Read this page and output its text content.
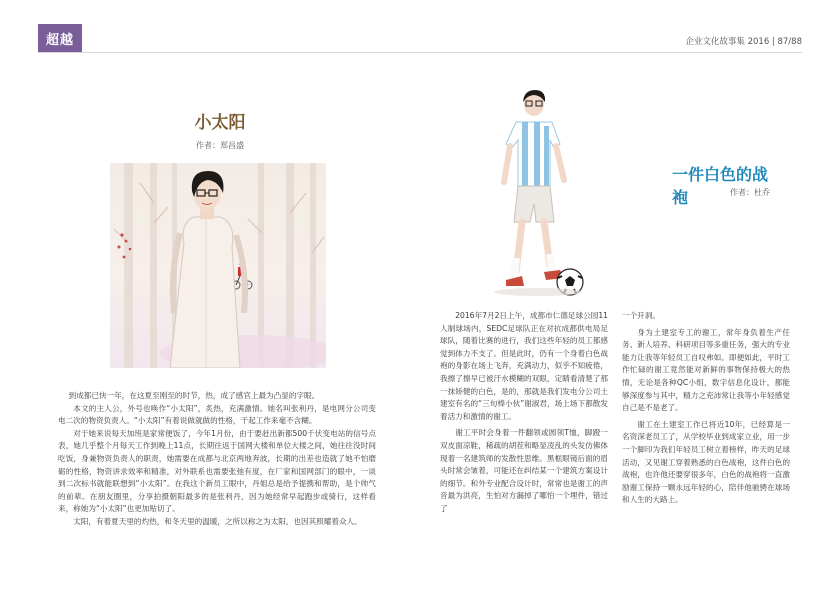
超越	企业文化故事集 2016 | 87/88
小太阳
作者：郑昌盛

到成都已快一年，在这夏至刚至的时节，热，成了感官上最为凸显的字眼。

本文的主人公，外号也唤作“小太阳”，炙热，充满激情。她名叫张利丹，是电网分公司变电二次的物资负责人。“小太阳”有着说做就做的性格，干起工作来毫不含糊。

对于她来说每天加班是家常便饭了，今年1月份，由于要赶出新都500千伏变电站的信号点表，她几乎整个月每天工作到晚上11点，长期往返于国网大楼和单位大楼之间，她往往没时间吃饭，身兼物资负责人的职责，她需要在成都与北京两地奔波，长期的出差也造就了她不怕磨砺的性格，物资讲求效率和精准，对外联系也需要张弛有度，在厂家和国网部门的眼中，一谈到二次标书就能联想到“小太阳”。在我这个新员工眼中，丹姐总是给予提携和帮助，是个帅气的前辈。在朋友圈里，分享拍摄朝阳最多的是张利丹，因为她经常早起跑步或骑行，这样看来，称她为“小太阳”也更加贴切了。

太阳，有着夏天里的灼热，和冬天里的温暖，之所以称之为太阳，也因其照耀着众人。

一件白色的战袍	作者：杜乔

2016年7月2日上午，成都市仁德足球公园11人制球场内，SEDC足球队正在对抗成都供电局足球队，随着比赛的进行，我们这些年轻的员工都感觉到体力不支了。但是此时，仍有一个身着白色战袍的身影在场上飞奔，充满动力，似乎不知疲倦，我擦了擦早已被汗水模糊的双眼，定睛看清楚了那一抹矫健的白色，是的，那就是我们发电分公司土建室有名的“三旬棒小伙”谢淑君，场上场下都散发着活力和激情的谢工。

谢工平时会身着一件翻领或圆领T恤，脚蹬一双皮面凉鞋，稀疏的胡茬和略显凌乱的头发仿佛体现着一名建筑师的发散性思维。黑框眼镜后面的眉头时常会皱着，可能还在纠结某一个建筑方案设计的细节。和外专业配合设计时，常常也是谢工的声音最为洪亮，生怕对方漏掉了哪怕一个埋件，错过了

一个开洞。

身为土建室专工的谢工，常年身负着生产任务、新人培养、科研项目等多重任务，强大的专业能力让我等年轻员工自叹弗如。即便如此，平时工作忙碌的谢工竟然能对新鲜的事物保持极大的热情，无论是各种QC小组，数字信息化设计，都能够深度参与其中，精力之充沛常让我等小年轻感觉自己是不是老了。

谢工在土建室工作已将近10年，已经算是一名资深老员工了，从学校毕业到成家立业，用一步一个脚印为我们年轻员工树立着榜样，昨天的足球活动，又见谢工穿着熟悉的白色战袍，这件白色的战袍，也许他还要穿很多年，白色的战袍将一直激励谢工保持一颗永远年轻的心，陪伴他驰骋在球场和人生的大路上。
